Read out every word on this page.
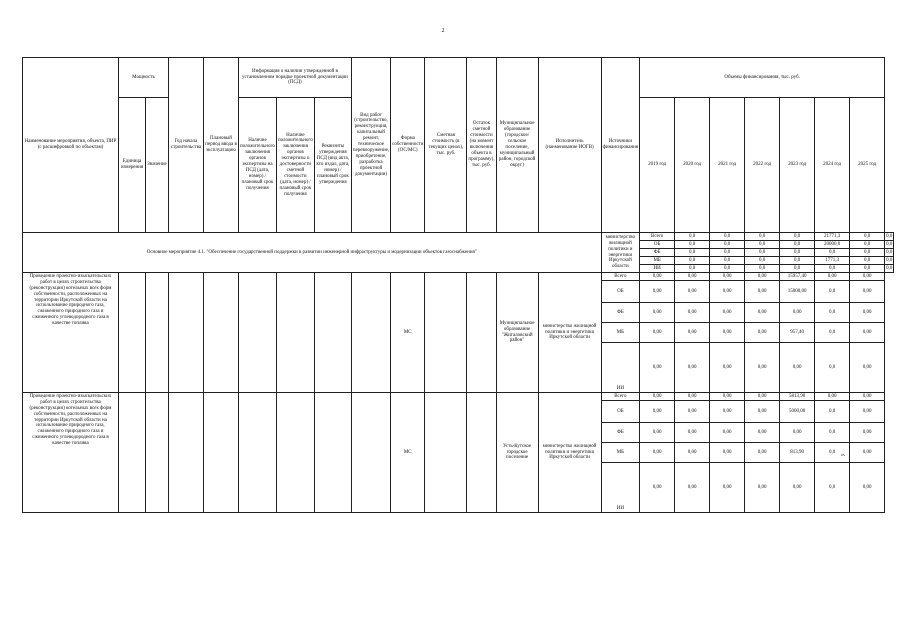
2
Наименование мероприятия, объекта, ПИР (с расшифровкой по объектам)	Мощность		Год начала строительства	Плановый период ввода в эксплуатацию	Информация о наличии утвержденной в установленном порядке проектной документации (ПСД)			Вид работ (строительство, реконструкция, капитальный ремонт, техническое перевооружение, приобретение, разработка проектной документации)	Форма собственности (ОС/МС)	Сметная стоимость (в текущих ценах), тыс. руб.	Остаток сметной стоимости (на момент включения объекта в программу), тыс. руб.	Муниципальное образование (городское/сельское поселение, муниципальный район, городской округ)	Исполнитель (наименование ИОГВ)	Источники финансирования	Объемы финансирования, тыс. руб.							
	Единица измерения	Значение			Наличие положительного заключения органов экспертизы на ПСД (дата, номер) / плановый срок получения	Наличие положительного заключения органов экспертизы о достоверности сметной стоимости (дата, номер) / плановый срок получения	Реквизиты утверждения ПСД (вид акта, кто издал, дата, номер) / плановый срок утверждения								2019 год	2020 год	2021 год	2022 год	2023 год	2024 год	2025 год	
Основное мероприятие 4.1. "Обеспечение государственной поддержки в развитии инженерной инфраструктуры и модернизации объектов газоснабжения"														министерство жилищной политики и энергетики Иркутской области	Всего	0,0	0,0	0,0	0,0	21771,3	0,0	0,0
															ОБ	0,0	0,0	0,0	0,0	20000,0	0,0	0,0
															ФБ	0,0	0,0	0,0	0,0	0,0	0,0	0,0
															МБ	0,0	0,0	0,0	0,0	1771,3	0,0	0,0
															ИИ	0,0	0,0	0,0	0,0	0,0	0,0	0,0
Проведение проектно-изыскательских работ в целях строительства (реконструкции) котельных всех форм собственности, расположенных на территории Иркутской области на использование природного газа, сжиженного природного газа и сжиженного углеводородного газа в качестве топлива									МС			Муниципальное образование "Жигаловский район"	министерство жилищной политики и энергетики Иркутской области	Всего	0,00	0,00	0,00	0,00	15957,40	0,00	0,00	
														ОБ	0,00	0,00	0,00	0,00	15000,00	0,0	0,00	
														ФБ	0,00	0,00	0,00	0,00	0,00	0,0	0,00	
														МБ	0,00	0,00	0,00	0,00	957,40	0,0	0,00	
														ИИ	0,00	0,00	0,00	0,00	0,00	0,0	0,00	
Проведение проектно-изыскательских работ в целях строительства (реконструкции) котельных всех форм собственности, расположенных на территории Иркутской области на использование природного газа, сжиженного природного газа и сжиженного углеводородного газа в качестве топлива									МС			Усть-Кутское городское поселение	министерство жилищной политики и энергетики Иркутской области	Всего	0,00	0,00	0,00	0,00	5813,90	0,00	0,00	
														ОБ	0,00	0,00	0,00	0,00	5000,00	0,0	0,00	
														ФБ	0,00	0,00	0,00	0,00	0,00	0,0	0,00	
														МБ	0,00	0,00	0,00	0,00	813,90	0,0	0,00	
														ИИ	0,00	0,00	0,00	0,00	0,00	0,0	0,00	
».
